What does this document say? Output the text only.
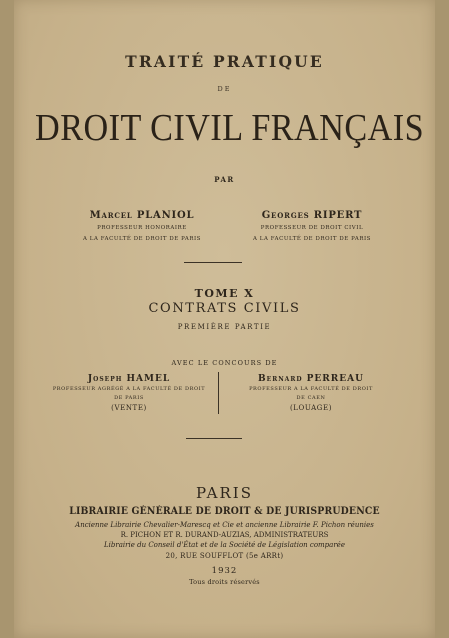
TRAITÉ PRATIQUE
DE
DROIT CIVIL FRANÇAIS
PAR
Marcel PLANIOL
PROFESSEUR HONORAIRE
A LA FACULTÉ DE DROIT DE PARIS
Georges RIPERT
PROFESSEUR DE DROIT CIVIL
A LA FACULTÉ DE DROIT DE PARIS
TOME X
CONTRATS CIVILS
PREMIÈRE PARTIE
AVEC LE CONCOURS DE
Joseph HAMEL
PROFESSEUR AGRÉGÉ A LA FACULTÉ DE DROIT
DE PARIS
(VENTE)
Bernard PERREAU
PROFESSEUR A LA FACULTÉ DE DROIT
DE CAEN
(LOUAGE)
PARIS
LIBRAIRIE GÉNÉRALE DE DROIT & DE JURISPRUDENCE
Ancienne Librairie Chevalier-Marescq et Cie et ancienne Librairie F. Pichon réunies
R. PICHON ET R. DURAND-AUZIAS, ADMINISTRATEURS
Librairie du Conseil d'État et de la Société de Législation comparée
20, RUE SOUFFLOT (5e ARRt)
1932
Tous droits réservés
